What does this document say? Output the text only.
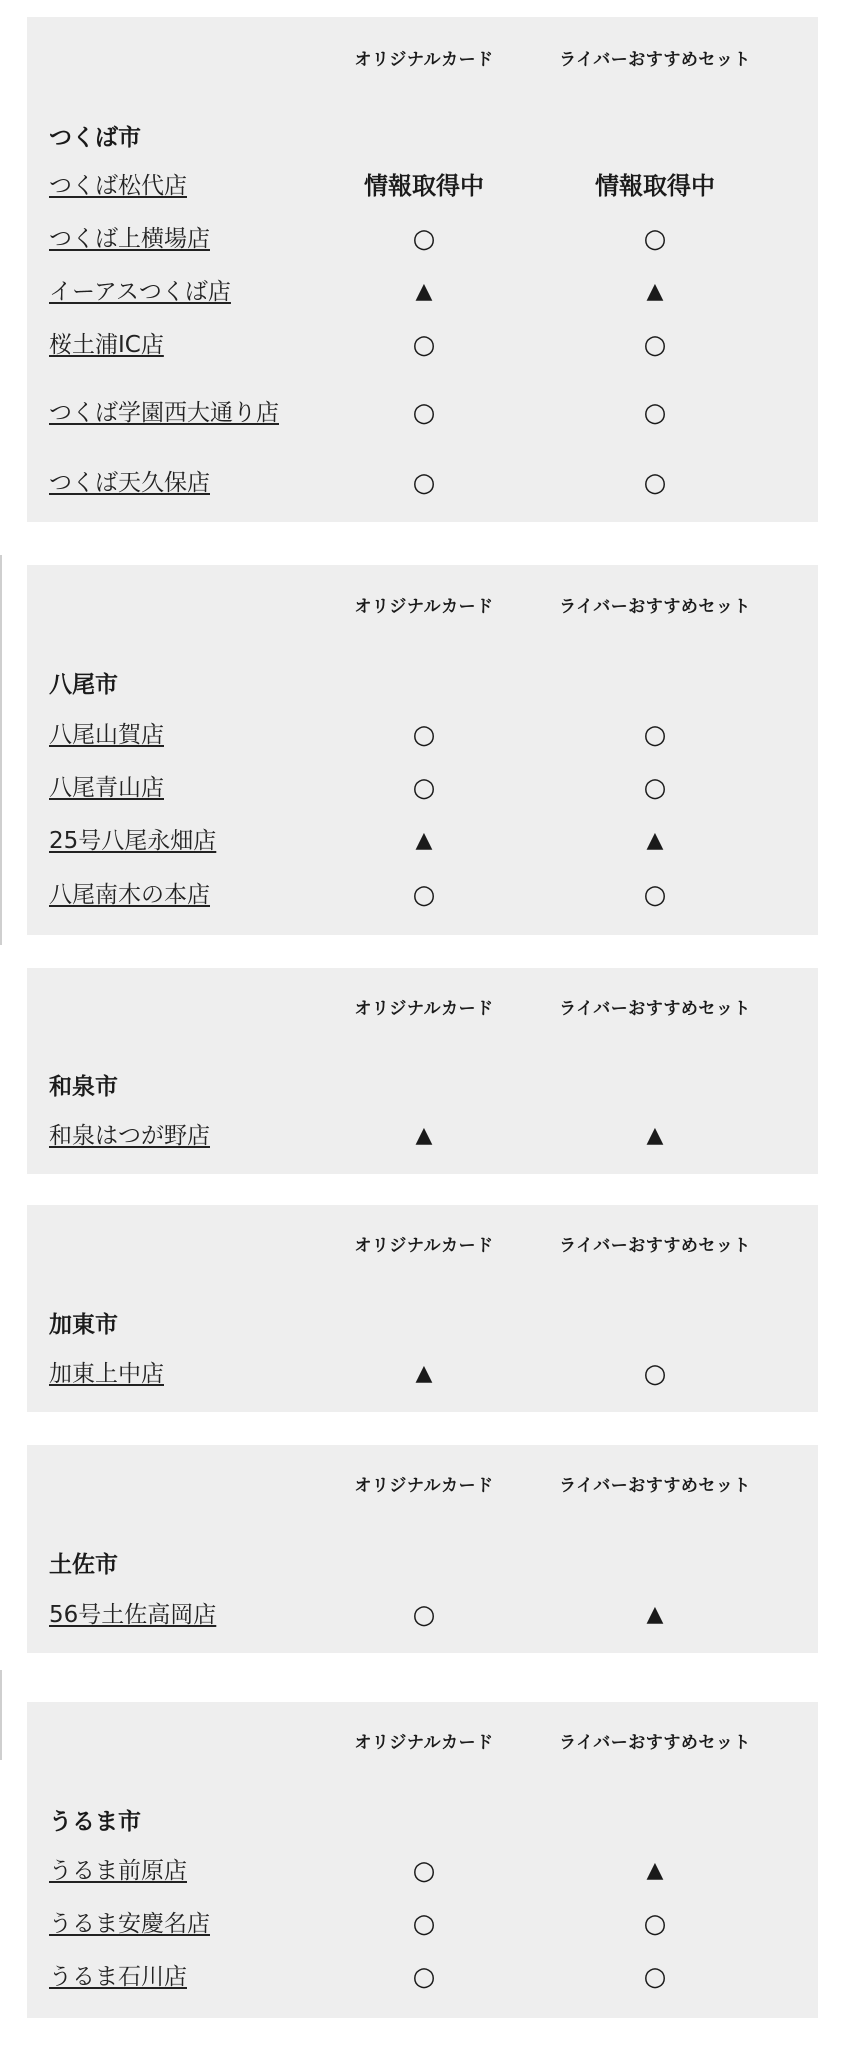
オリジナルカード	ライバーおすすめセット
つくば市
つくば松代店	情報取得中	情報取得中
つくば上横場店	○	○
イーアスつくば店	▲	▲
桜土浦IC店	○	○
つくば学園西大通り店	○	○
つくば天久保店	○	○
オリジナルカード	ライバーおすすめセット
八尾市
八尾山賀店	○	○
八尾青山店	○	○
25号八尾永畑店	▲	▲
八尾南木の本店	○	○
オリジナルカード	ライバーおすすめセット
和泉市
和泉はつが野店	▲	▲
オリジナルカード	ライバーおすすめセット
加東市
加東上中店	▲	○
オリジナルカード	ライバーおすすめセット
土佐市
56号土佐高岡店	○	▲
オリジナルカード	ライバーおすすめセット
うるま市
うるま前原店	○	▲
うるま安慶名店	○	○
うるま石川店	○	○
